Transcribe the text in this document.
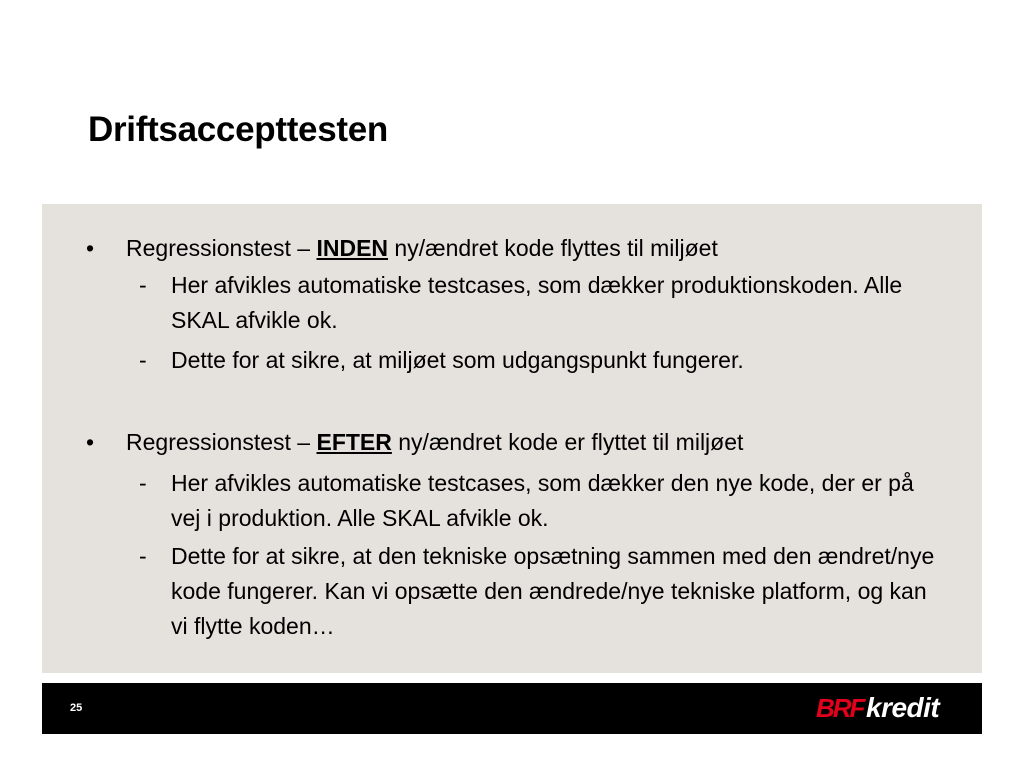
Driftsaccepttesten
• Regressionstest – INDEN ny/ændret kode flyttes til miljøet
- Her afvikles automatiske testcases, som dækker produktionskoden. Alle SKAL afvikle ok.
- Dette for at sikre, at miljøet som udgangspunkt fungerer.
• Regressionstest – EFTER ny/ændret kode er flyttet til miljøet
- Her afvikles automatiske testcases, som dækker den nye kode, der er på vej i produktion. Alle SKAL afvikle ok.
- Dette for at sikre, at den tekniske opsætning sammen med den ændret/nye kode fungerer. Kan vi opsætte den ændrede/nye tekniske platform, og kan vi flytte koden…
25	BRF kredit
